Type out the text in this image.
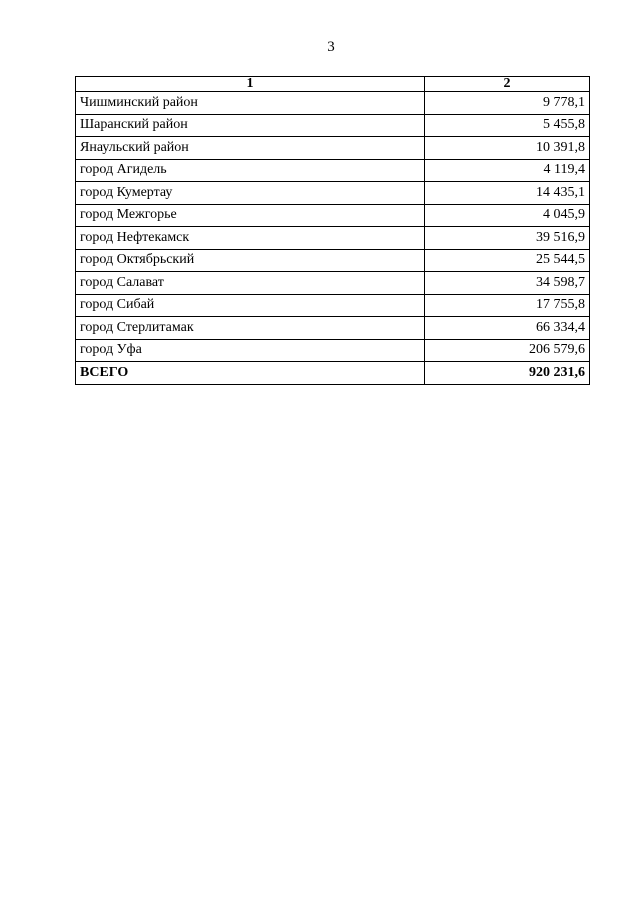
3
1	2
Чишминский район	9 778,1
Шаранский район	5 455,8
Янаульский район	10 391,8
город Агидель	4 119,4
город Кумертау	14 435,1
город Межгорье	4 045,9
город Нефтекамск	39 516,9
город Октябрьский	25 544,5
город Салават	34 598,7
город Сибай	17 755,8
город Стерлитамак	66 334,4
город Уфа	206 579,6
ВСЕГО	920 231,6
